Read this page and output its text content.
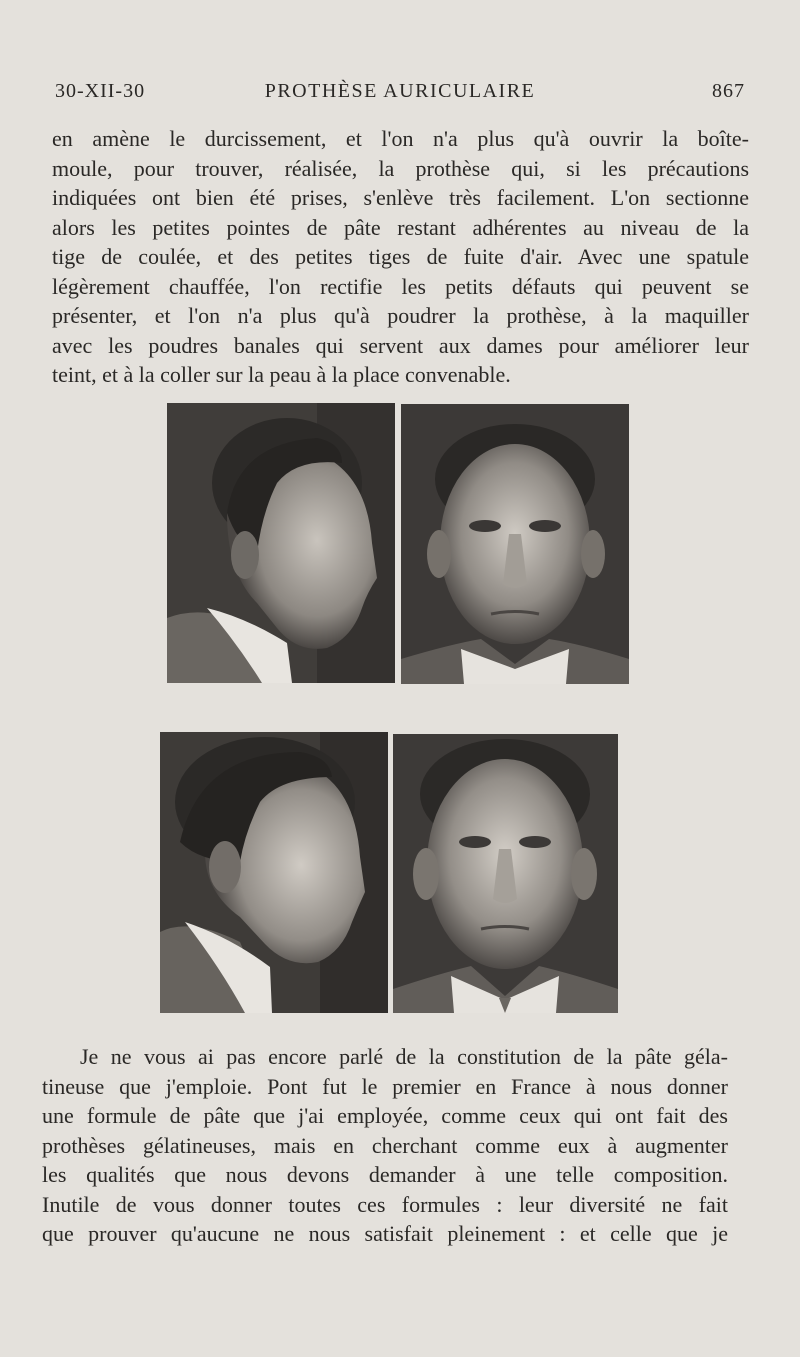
30-XII-30	PROTHÈSE AURICULAIRE	867
en amène le durcissement, et l'on n'a plus qu'à ouvrir la boîte-
moule, pour trouver, réalisée, la prothèse qui, si les précautions
indiquées ont bien été prises, s'enlève très facilement. L'on sectionne
alors les petites pointes de pâte restant adhérentes au niveau de la
tige de coulée, et des petites tiges de fuite d'air. Avec une spatule
légèrement chauffée, l'on rectifie les petits défauts qui peuvent se
présenter, et l'on n'a plus qu'à poudrer la prothèse, à la maquiller
avec les poudres banales qui servent aux dames pour améliorer leur
teint, et à la coller sur la peau à la place convenable.
Je ne vous ai pas encore parlé de la constitution de la pâte géla-
tineuse que j'emploie. Pont fut le premier en France à nous donner
une formule de pâte que j'ai employée, comme ceux qui ont fait des
prothèses gélatineuses, mais en cherchant comme eux à augmenter
les qualités que nous devons demander à une telle composition.
Inutile de vous donner toutes ces formules : leur diversité ne fait
que prouver qu'aucune ne nous satisfait pleinement : et celle que je
